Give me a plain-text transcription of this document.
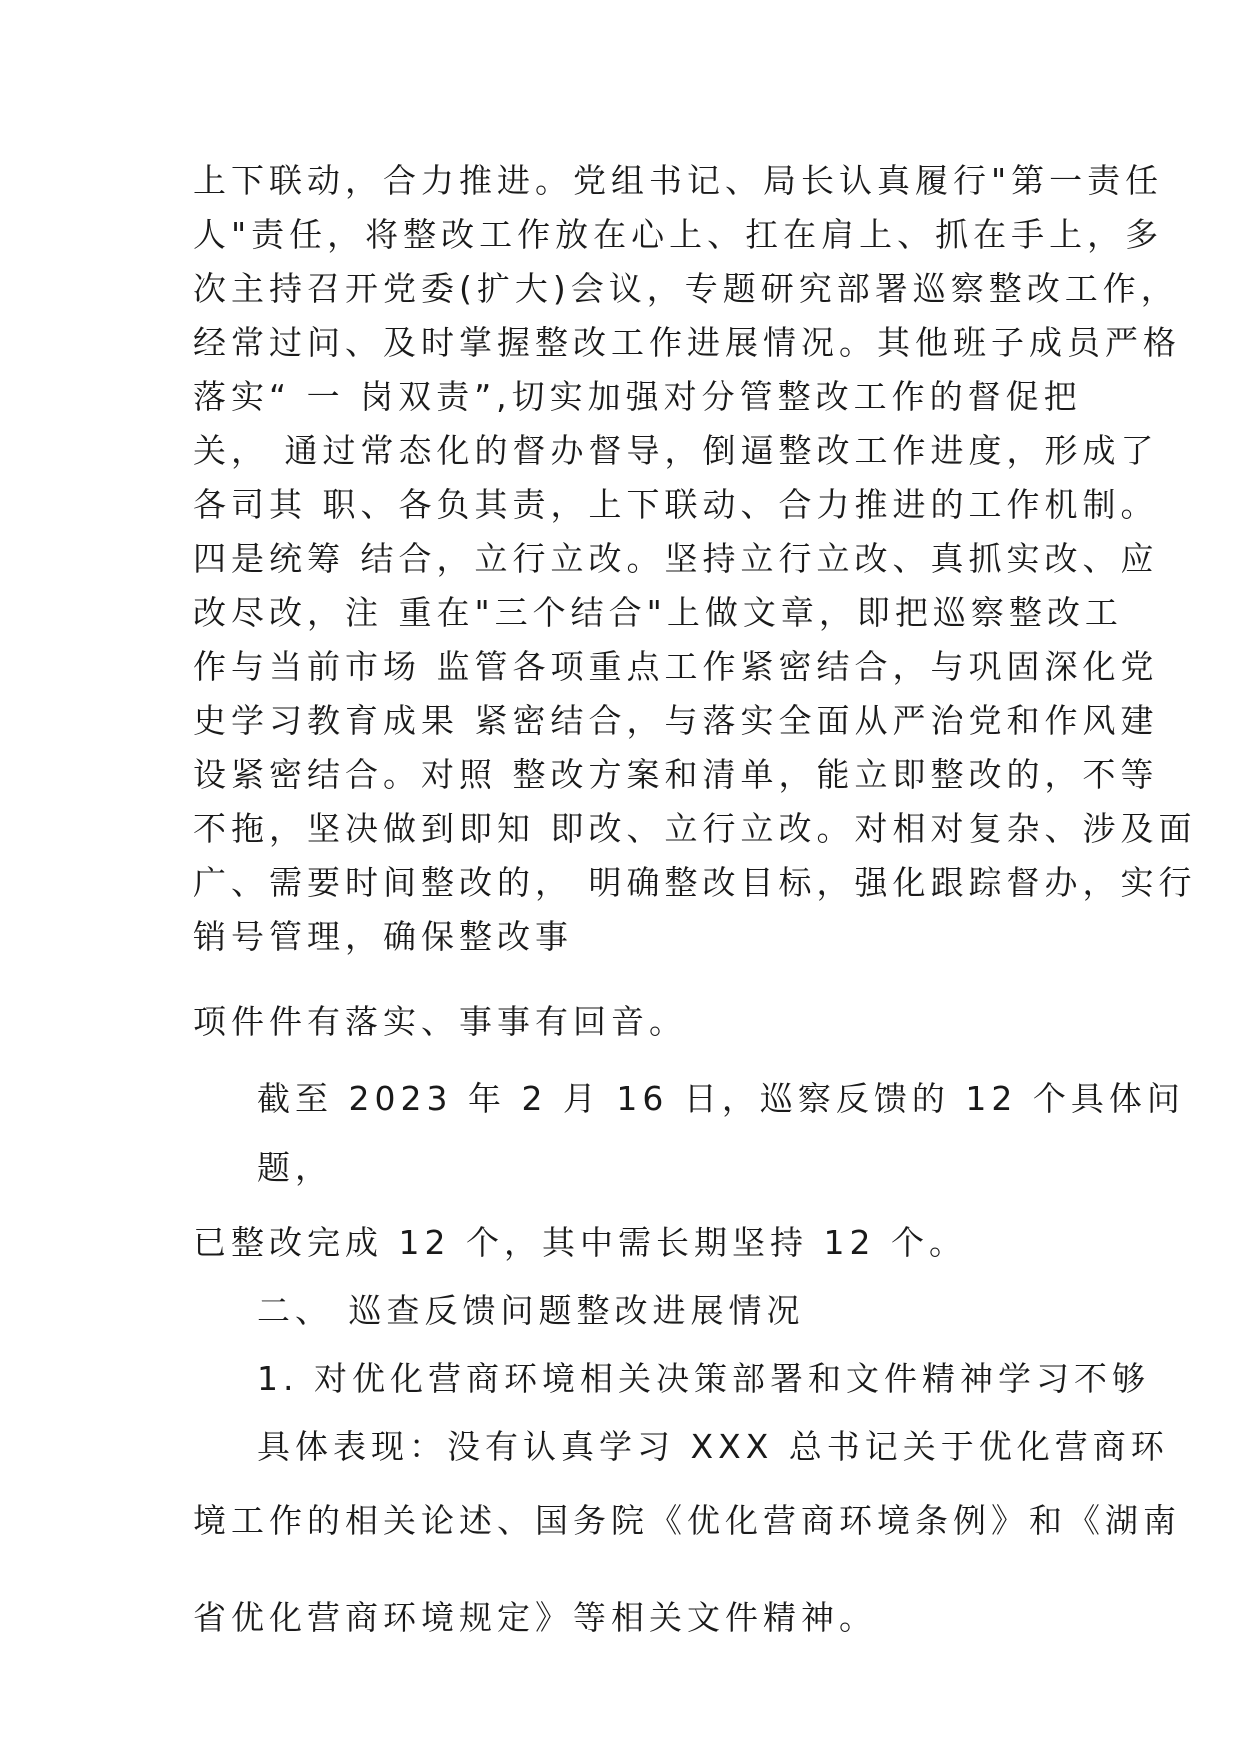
上下联动，合力推进。党组书记、局长认真履行"第一责任
人"责任，将整改工作放在心上、扛在肩上、抓在手上，多
次主持召开党委(扩大)会议，专题研究部署巡察整改工作，
经常过问、及时掌握整改工作进展情况。其他班子成员严格
落实“ 一 岗双责”,切实加强对分管整改工作的督促把
关， 通过常态化的督办督导，倒逼整改工作进度，形成了
各司其 职、各负其责，上下联动、合力推进的工作机制。
四是统筹 结合，立行立改。坚持立行立改、真抓实改、应
改尽改，注 重在"三个结合"上做文章，即把巡察整改工
作与当前市场 监管各项重点工作紧密结合，与巩固深化党
史学习教育成果 紧密结合，与落实全面从严治党和作风建
设紧密结合。对照 整改方案和清单，能立即整改的，不等
不拖，坚决做到即知 即改、立行立改。对相对复杂、涉及面
广、需要时间整改的， 明确整改目标，强化跟踪督办，实行
销号管理，确保整改事
项件件有落实、事事有回音。
截至 2023 年 2 月 16 日，巡察反馈的 12 个具体问
题，
已整改完成 12 个，其中需长期坚持 12 个。
二、 巡查反馈问题整改进展情况
1. 对优化营商环境相关决策部署和文件精神学习不够
具体表现：没有认真学习 XXX 总书记关于优化营商环
境工作的相关论述、国务院《优化营商环境条例》和《湖南
省优化营商环境规定》等相关文件精神。
